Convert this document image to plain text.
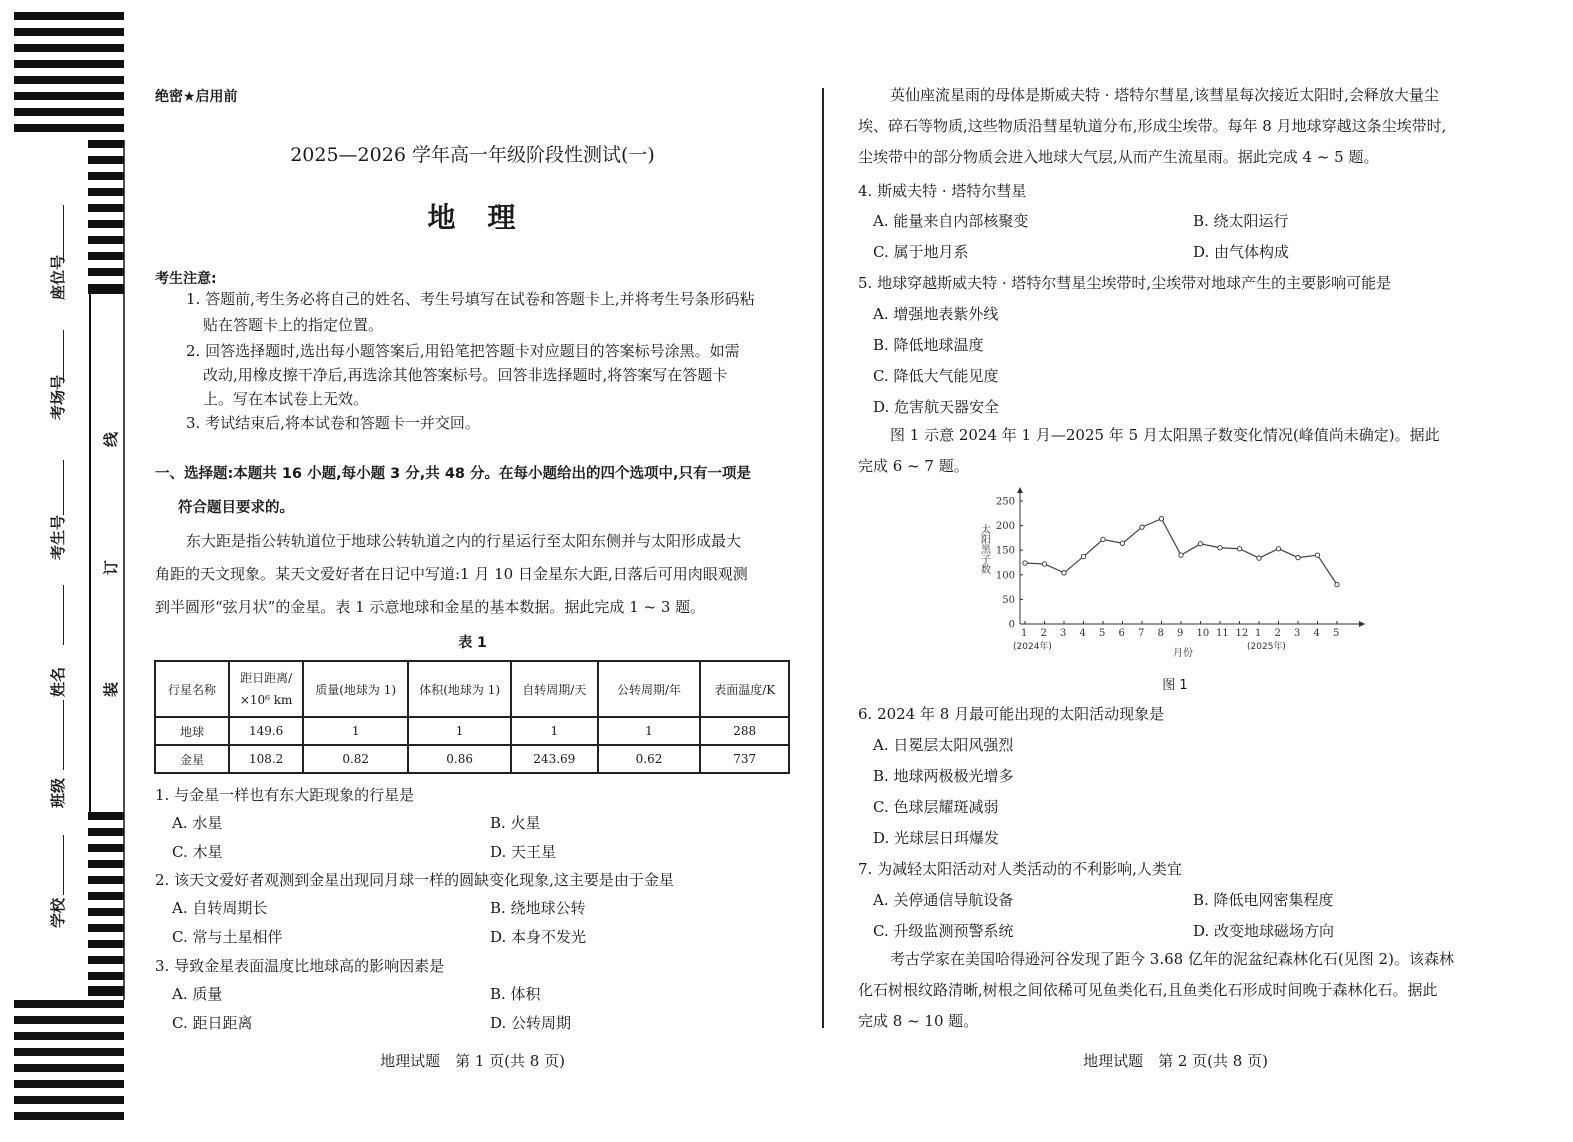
座位号
考场号
考生号
姓名
班级
学校
线
订
装
绝密★启用前
2025—2026 学年高一年级阶段性测试(一)
地　理
考生注意:
1. 答题前,考生务必将自己的姓名、考生号填写在试卷和答题卡上,并将考生号条形码粘
贴在答题卡上的指定位置。
2. 回答选择题时,选出每小题答案后,用铅笔把答题卡对应题目的答案标号涂黑。如需
改动,用橡皮擦干净后,再选涂其他答案标号。回答非选择题时,将答案写在答题卡
上。写在本试卷上无效。
3. 考试结束后,将本试卷和答题卡一并交回。
一、选择题:本题共 16 小题,每小题 3 分,共 48 分。在每小题给出的四个选项中,只有一项是
符合题目要求的。
东大距是指公转轨道位于地球公转轨道之内的行星运行至太阳东侧并与太阳形成最大
角距的天文现象。某天文爱好者在日记中写道:1 月 10 日金星东大距,日落后可用肉眼观测
到半圆形“弦月状”的金星。表 1 示意地球和金星的基本数据。据此完成 1 ~ 3 题。
表 1
行星名称	距日距离/
×10⁶ km	质量(地球为 1)	体积(地球为 1)	自转周期/天	公转周期/年	表面温度/K
地球	149.6	1	1	1	1	288
金星	108.2	0.82	0.86	243.69	0.62	737
1. 与金星一样也有东大距现象的行星是
A. 水星	B. 火星
C. 木星	D. 天王星
2. 该天文爱好者观测到金星出现同月球一样的圆缺变化现象,这主要是由于金星
A. 自转周期长	B. 绕地球公转
C. 常与土星相伴	D. 本身不发光
3. 导致金星表面温度比地球高的影响因素是
A. 质量	B. 体积
C. 距日距离	D. 公转周期
地理试题　第 1 页(共 8 页)
英仙座流星雨的母体是斯威夫特 · 塔特尔彗星,该彗星每次接近太阳时,会释放大量尘
埃、碎石等物质,这些物质沿彗星轨道分布,形成尘埃带。每年 8 月地球穿越这条尘埃带时,
尘埃带中的部分物质会进入地球大气层,从而产生流星雨。据此完成 4 ~ 5 题。
4. 斯威夫特 · 塔特尔彗星
A. 能量来自内部核聚变	B. 绕太阳运行
C. 属于地月系	D. 由气体构成
5. 地球穿越斯威夫特 · 塔特尔彗星尘埃带时,尘埃带对地球产生的主要影响可能是
A. 增强地表紫外线
B. 降低地球温度
C. 降低大气能见度
D. 危害航天器安全
图 1 示意 2024 年 1 月—2025 年 5 月太阳黑子数变化情况(峰值尚未确定)。据此
完成 6 ~ 7 题。
0
50
100
150
200
250
1 2 3 4 5 6 7 8 9 10 11 12 1 2 3 4 5
(2024年)	(2025年)
太阳黑子数
月份
图 1
6. 2024 年 8 月最可能出现的太阳活动现象是
A. 日冕层太阳风强烈
B. 地球两极极光增多
C. 色球层耀斑减弱
D. 光球层日珥爆发
7. 为减轻太阳活动对人类活动的不利影响,人类宜
A. 关停通信导航设备	B. 降低电网密集程度
C. 升级监测预警系统	D. 改变地球磁场方向
考古学家在美国哈得逊河谷发现了距今 3.68 亿年的泥盆纪森林化石(见图 2)。该森林
化石树根纹路清晰,树根之间依稀可见鱼类化石,且鱼类化石形成时间晚于森林化石。据此
完成 8 ~ 10 题。
地理试题　第 2 页(共 8 页)
